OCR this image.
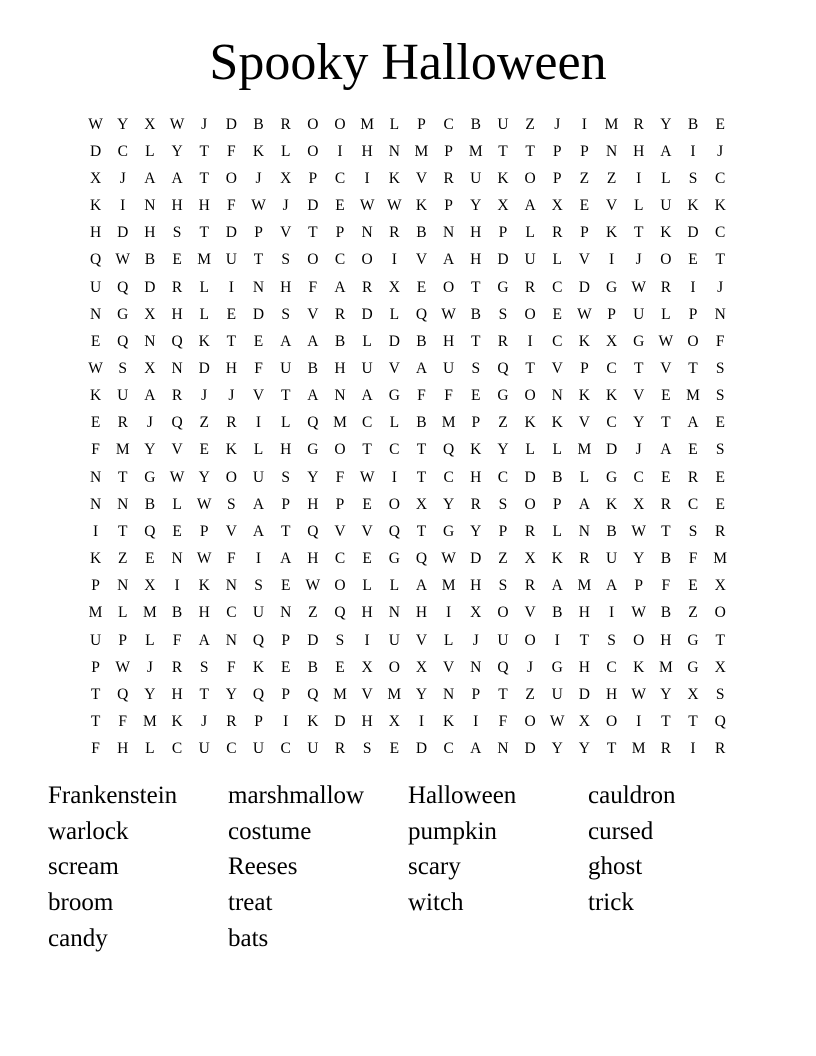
Spooky Halloween
W Y	X W	J	D	B	R	O	O M	L	P	C	B	U	Z	J	I	M R	Y	B	E
D	C	L	Y	T	F	K	L	O	I	H	N M	P	M	T	T	P	P	N	H	A	I	J
X	J	A	A	T	O	J	X	P	C	I	K	V	R	U	K	O	P	Z	Z	I	L	S	C
K	I	N	H	H	F	W	J	D	E W W K	P	Y	X	A	X	E	V	L	U	K	K
H	D	H	S	T	D	P	V	T	P	N	R	B	N	H	P	L	R	P	K	T	K	D	C
Q W B	E	M U	T	S	O	C	O	I	V	A	H	D	U	L	V	I	J	O	E	T
U	Q	D	R	L	I	N	H	F	A	R	X	E	O	T	G	R	C	D	G W R	I	J
N	G	X	H	L	E	D	S	V	R	D	L	Q W B	S	O	E W	P	U	L	P	N
E	Q	N	Q	K	T	E	A	A	B	L	D	B	H	T	R	I	C	K	X	G W O	F
W	S	X	N	D	H	F	U	B	H	U	V	A	U	S	Q	T	V	P	C	T	V	T	S
K	U	A	R	J	J	V	T	A	N	A	G	F	F	E	G	O	N	K	K	V	E	M	S
E	R	J	Q	Z	R	I	L	Q M C	L	B M	P	Z	K	K	V	C	Y	T	A	E
F	M Y	V	E	K	L	H	G	O	T	C	T	Q	K	Y	L	L	M D	J	A	E	S
N	T	G W Y	O	U	S	Y	F	W	I	T	C	H	C	D	B	L	G	C	E	R	E
N	N	B	L W	S	A	P	H	P	E	O	X	Y	R	S	O	P	A	K	X	R	C	E
I	T	Q	E	P	V	A	T	Q	V	V	Q	T	G	Y	P	R	L	N	B W T	S	R
K	Z	E	N W	F	I	A	H	C	E	G	Q W D	Z	X	K	R	U	Y	B	F	M
P	N	X	I	K	N	S	E W O	L	L	A M H	S	R	A M A	P	F	E	X
M	L	M B	H	C	U	N	Z	Q	H	N	H	I	X	O	V	B	H	I	W B	Z	O
U	P	L	F	A	N	Q	P	D	S	I	U	V	L	J	U	O	I	T	S	O	H	G	T
P	W	J	R	S	F	K	E	B	E	X	O	X	V	N	Q	J	G	H	C	K M G	X
T	Q	Y	H	T	Y	Q	P	Q M V M Y	N	P	T	Z	U	D	H W Y	X	S
T	F	M K	J	R	P	I	K	D	H	X	I	K	I	F	O W X	O	I	T	T	Q
F	H	L	C	U	C	U	C	U	R	S	E	D	C	A	N	D	Y	Y	T	M R	I	R
Frankenstein	marshmallow	Halloween	cauldron
warlock	costume	pumpkin	cursed
scream	Reeses	scary	ghost
broom	treat	witch	trick
candy	bats
